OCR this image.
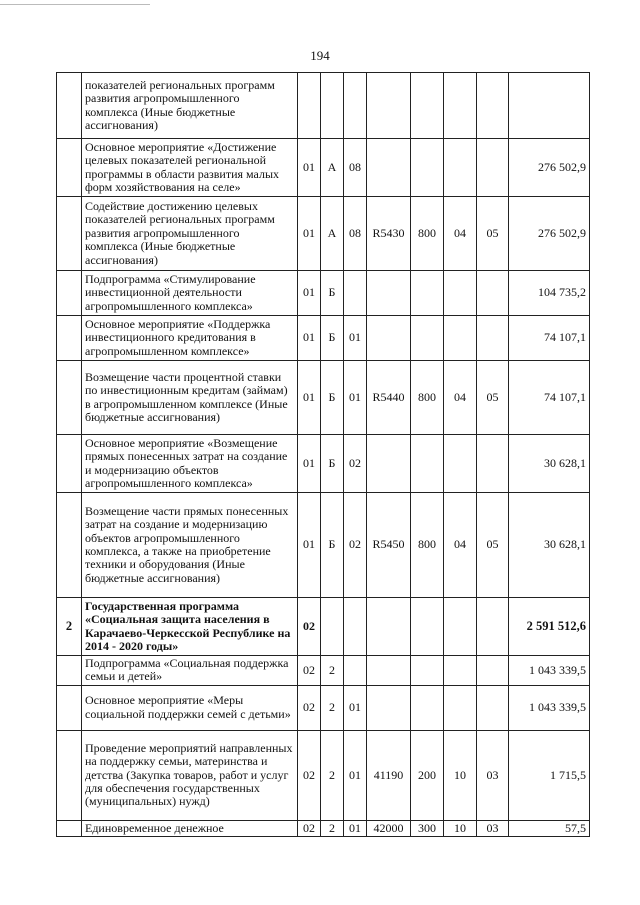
194
	показателей региональных программ развития агропромышленного комплекса (Иные бюджетные ассигнования)								
	Основное мероприятие «Достижение целевых показателей региональной программы в области развития малых форм хозяйствования на селе»	01	А	08					276 502,9
	Содействие достижению целевых показателей региональных программ развития агропромышленного комплекса (Иные бюджетные ассигнования)	01	А	08	R5430	800	04	05	276 502,9
	Подпрограмма «Стимулирование инвестиционной деятельности агропромышленного комплекса»	01	Б						104 735,2
	Основное мероприятие «Поддержка инвестиционного кредитования в агропромышленном комплексе»	01	Б	01					74 107,1
	Возмещение части процентной ставки по инвестиционным кредитам (займам) в агропромышленном комплексе (Иные бюджетные ассигнования)	01	Б	01	R5440	800	04	05	74 107,1
	Основное мероприятие «Возмещение прямых понесенных затрат на создание и модернизацию объектов агропромышленного комплекса»	01	Б	02					30 628,1
	Возмещение части прямых понесенных затрат на создание и модернизацию объектов агропромышленного комплекса, а также на приобретение техники и оборудования (Иные бюджетные ассигнования)	01	Б	02	R5450	800	04	05	30 628,1
2	Государственная программа «Социальная защита населения в Карачаево-Черкесской Республике на 2014 - 2020 годы»	02							2 591 512,6
	Подпрограмма «Социальная поддержка семьи и детей»	02	2						1 043 339,5
	Основное мероприятие «Меры социальной поддержки семей с детьми»	02	2	01					1 043 339,5
	Проведение мероприятий направленных на поддержку семьи, материнства и детства (Закупка товаров, работ и услуг для обеспечения государственных (муниципальных) нужд)	02	2	01	41190	200	10	03	1 715,5
	Единовременное денежное	02	2	01	42000	300	10	03	57,5
